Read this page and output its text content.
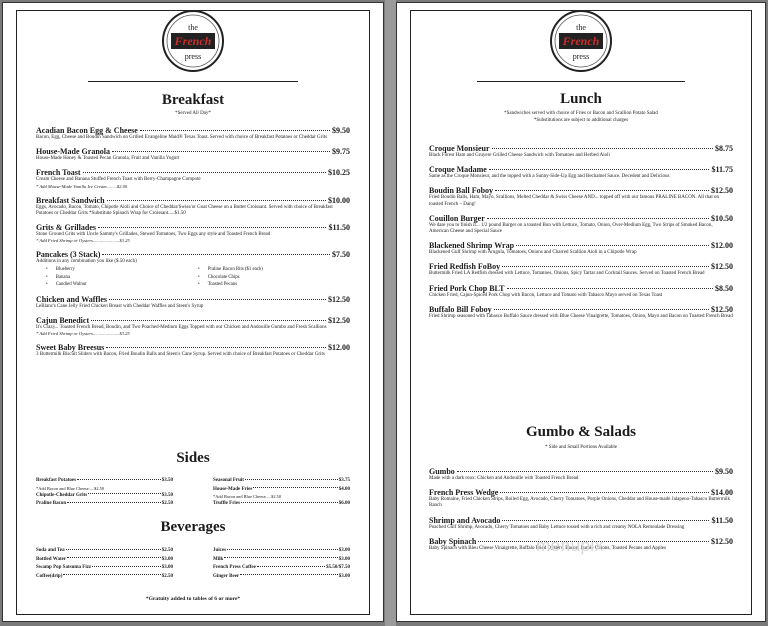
the
French
press
Breakfast
*Served All Day*
Acadian Bacon Egg & Cheese	$9.50
Bacon, Egg, Cheese and Boudin Sandwich on Grilled Evangeline Maid® Texas Toast. Served with choice of Breakfast Potatoes or Cheddar Grits
House-Made Granola	$9.75
House-Made Honey & Toasted Pecan Granola, Fruit and Vanilla Yogurt
French Toast	$10.25
Cream Cheese and Banana Stuffed French Toast with Berry-Champagne Compote
* Add Mouse-Made Vanilla Ice Cream.........$2.00
Breakfast Sandwich	$10.00
Eggs, Avocado, Bacon, Tomato, Chipotle Aioli and Choice of Cheddar/Swiss/or Goat Cheese on a Butter Croissant. Served with choice of Breakfast Potatoes or Cheddar Grits *Substitute Spinach Wrap for Croissant.....$1.50
Grits & Grillades	$11.50
Stone Ground Grits with Uncle Sammy's Grillades, Stewed Tomatoes, Two Eggs any style and Toasted French Bread
* Add Fried Shrimp or Oysters.......................$3.25
Pancakes (3 Stack)	$7.50
Additions in any combination you like ($.50 each)
• Blueberry
• Banana
• Candied Walnut
• Praline Bacon Bits ($1 each)
• Chocolate Chips
• Toasted Pecans
Chicken and Waffles	$12.50
LeBlanc's Cane Jelly Fried Chicken Breast with Cheddar Waffles and Steen's Syrup
Cajun Benedict	$12.50
It's Crazy... Toasted French Bread, Boudin, and Two Poached-Medium Eggs Topped with our Chicken and Andouille Gumbo and Fresh Scallions
* Add Fried Shrimp or Oysters.......................$3.25
Sweet Baby Breesus	$12.00
3 Buttermilk Biscuit Sliders with Bacon, Fried Boudin Balls and Steen's Cane Syrup. Served with choice of Breakfast Potatoes or Cheddar Grits
Sides
Breakfast Potatoes	$3.50
*Add Bacon and Blue Cheese.....$2.50
Chipotle-Cheddar Grits	$3.50
Praline Bacon	$2.50
Seasonal Fruit	$3.75
House-Made Fries	$4.00
*Add Bacon and Blue Cheese.....$2.50
Truffle Fries	$6.00
Beverages
Soda and Tea	$2.50
Bottled Water	$3.00
Swamp Pop Satsuma Fizz	$3.00
Coffee(drip)	$2.50
Juices	$3.00
Milk	$3.00
French Press Coffee	$5.50/$7.50
Ginger Beer	$3.00
*Gratuity added to tables of 6 or more*
the
French
press
Lunch
*Sandwiches served with choice of Fries or Bacon and Scallion Potato Salad
*Substitutions are subject to additional charges
Croque Monsieur	$8.75
Black Forest Ham and Gruyere Grilled Cheese Sandwich with Tomatoes and Herbed Aioli
Croque Madame	$11.75
Same as the Croque Monsieur, and the topped with a Sunny-Side-Up Egg and Bechamel Sauce. Decedent and Delicious
Boudin Ball Foboy	$12.50
Fried Boudin Balls, Ham, Mayo, Scallions, Melted Cheddar & Swiss Cheese AND... topped off with our famous PRALINE BACON. All that on toasted French – Dang!
Couillon Burger	$10.50
We dare you to finish it... 1/2 pound Burger on a toasted Bun with Lettuce, Tomato, Onion, Over-Medium Egg, Two Strips of Smoked Bacon, American Cheese and Special Sauce
Blackened Shrimp Wrap	$12.00
Blackened Gulf Shrimp with Arugula, Tomatoes, Onions and Charred Scallion Aioli in a Chipotle Wrap
Fried Redfish FoBoy	$12.50
Buttermilk Fried LA Redfish dressed with Lettuce, Tomatoes, Onions, Spicy Tartar and Cocktail Sauces. Served on Toasted French Bread
Fried Pork Chop BLT	$8.50
Chicken Fried, Cajun-Spiced Pork Chop with Bacon, Lettuce and Tomato with Tabasco Mayo served on Texas Toast
Buffalo Bill Foboy	$12.50
Fried Shrimp seasoned with Tabasco Buffalo Sauce dressed with Blue Cheese Vinaigrette, Tomatoes, Onion, Mayo and Bacon on Toasted French Bread
Gumbo & Salads
* Side and Small Portions Available
Gumbo	$9.50
Made with a dark roux: Chicken and Andouille with Toasted French Bread
French Press Wedge	$14.00
Baby Romaine, Fried Chicken Strips, Boiled Egg, Avocado, Cherry Tomatoes, Purple Onions, Cheddar and House-made Jalapeno-Tabasco Buttermilk Ranch
Shrimp and Avocado	$11.50
Poached Gulf Shrimp, Avocado, Cherry Tomatoes and Baby Lettuce tossed with a rich and creamy NOLA Remoulade Dressing
Baby Spinach	$12.50
Baby Spinach with Bleu Cheese Vinaigrette, Buffalo Fried Oysters, Bacon, Purple Onions, Toasted Pecans and Apples
menupix
